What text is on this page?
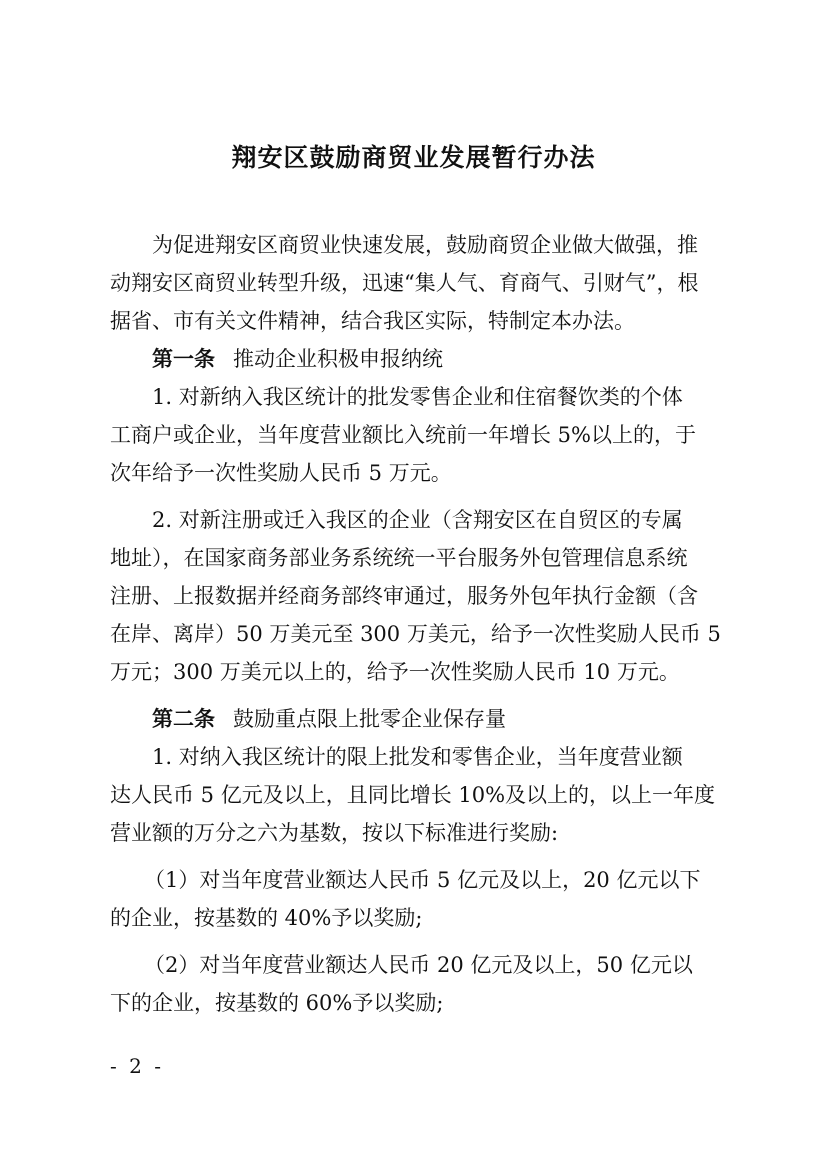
翔安区鼓励商贸业发展暂行办法
为促进翔安区商贸业快速发展，鼓励商贸企业做大做强，推
动翔安区商贸业转型升级，迅速“集人气、育商气、引财气”，根
据省、市有关文件精神，结合我区实际，特制定本办法。
第一条 推动企业积极申报纳统
1. 对新纳入我区统计的批发零售企业和住宿餐饮类的个体
工商户或企业，当年度营业额比入统前一年增长 5%以上的，于
次年给予一次性奖励人民币 5 万元。
2. 对新注册或迁入我区的企业（含翔安区在自贸区的专属
地址），在国家商务部业务系统统一平台服务外包管理信息系统
注册、上报数据并经商务部终审通过，服务外包年执行金额（含
在岸、离岸）50 万美元至 300 万美元，给予一次性奖励人民币 5
万元；300 万美元以上的，给予一次性奖励人民币 10 万元。
第二条 鼓励重点限上批零企业保存量
1. 对纳入我区统计的限上批发和零售企业，当年度营业额
达人民币 5 亿元及以上，且同比增长 10%及以上的，以上一年度
营业额的万分之六为基数，按以下标准进行奖励:
（1）对当年度营业额达人民币 5 亿元及以上，20 亿元以下
的企业，按基数的 40%予以奖励;
（2）对当年度营业额达人民币 20 亿元及以上，50 亿元以
下的企业，按基数的 60%予以奖励;
- 2 -
